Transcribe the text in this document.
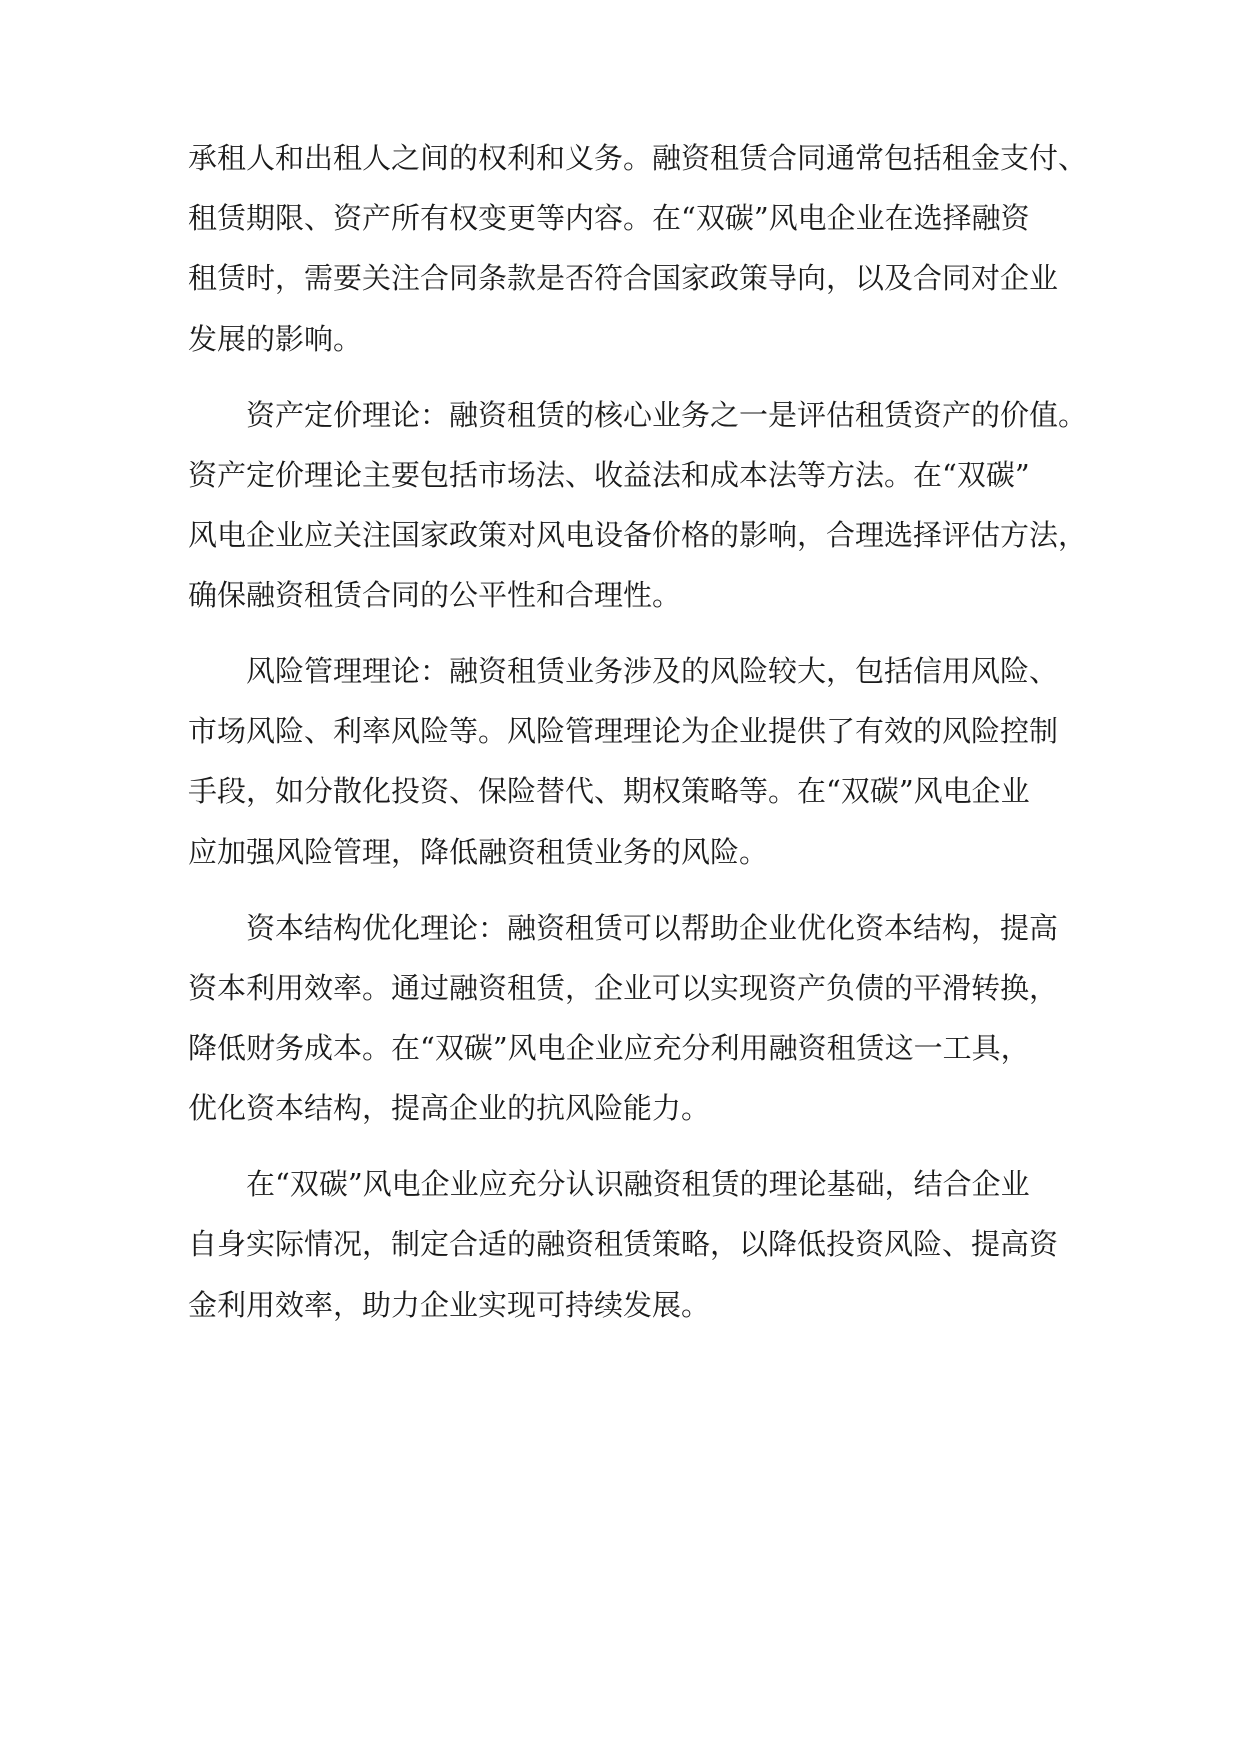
承租人和出租人之间的权利和义务。融资租赁合同通常包括租金支付、
租赁期限、资产所有权变更等内容。在“双碳”风电企业在选择融资
租赁时，需要关注合同条款是否符合国家政策导向，以及合同对企业
发展的影响。
资产定价理论：融资租赁的核心业务之一是评估租赁资产的价值。
资产定价理论主要包括市场法、收益法和成本法等方法。在“双碳”
风电企业应关注国家政策对风电设备价格的影响，合理选择评估方法，
确保融资租赁合同的公平性和合理性。
风险管理理论：融资租赁业务涉及的风险较大，包括信用风险、
市场风险、利率风险等。风险管理理论为企业提供了有效的风险控制
手段，如分散化投资、保险替代、期权策略等。在“双碳”风电企业
应加强风险管理，降低融资租赁业务的风险。
资本结构优化理论：融资租赁可以帮助企业优化资本结构，提高
资本利用效率。通过融资租赁，企业可以实现资产负债的平滑转换，
降低财务成本。在“双碳”风电企业应充分利用融资租赁这一工具，
优化资本结构，提高企业的抗风险能力。
在“双碳”风电企业应充分认识融资租赁的理论基础，结合企业
自身实际情况，制定合适的融资租赁策略，以降低投资风险、提高资
金利用效率，助力企业实现可持续发展。
